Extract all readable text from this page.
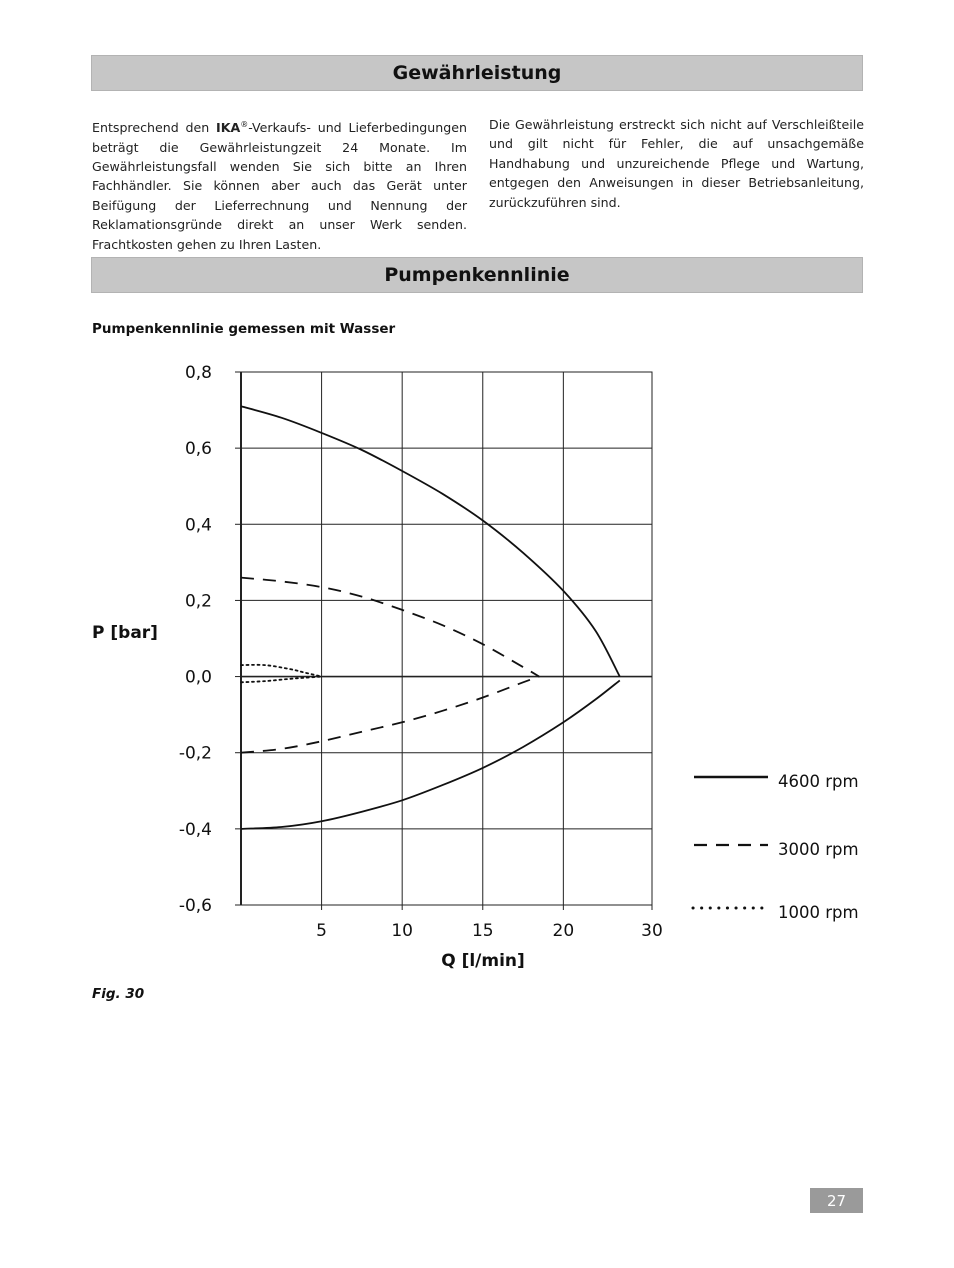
Gewährleistung
Entsprechend den IKA®-Verkaufs- und Lieferbedingungen beträgt die Gewährleistungzeit 24 Monate. Im Gewährleistungsfall wenden Sie sich bitte an Ihren Fachhändler. Sie können aber auch das Gerät unter Beifügung der Lieferrechnung und Nennung der Reklamationsgründe direkt an unser Werk senden. Frachtkosten gehen zu Ihren Lasten.
Die Gewährleistung erstreckt sich nicht auf Verschleißteile und gilt nicht für Fehler, die auf unsachgemäße Handhabung und unzureichende Pflege und Wartung, entgegen den Anweisungen in dieser Betriebsanleitung, zurückzuführen sind.
Pumpenkennlinie
Pumpenkennlinie gemessen mit Wasser
5	10	15	20	30
0,8
0,6
0,4
0,2
0,0
-0,2
-0,4
-0,6
Q [l/min]
P [bar]
4600 rpm
3000 rpm
1000 rpm
Fig. 30
27
